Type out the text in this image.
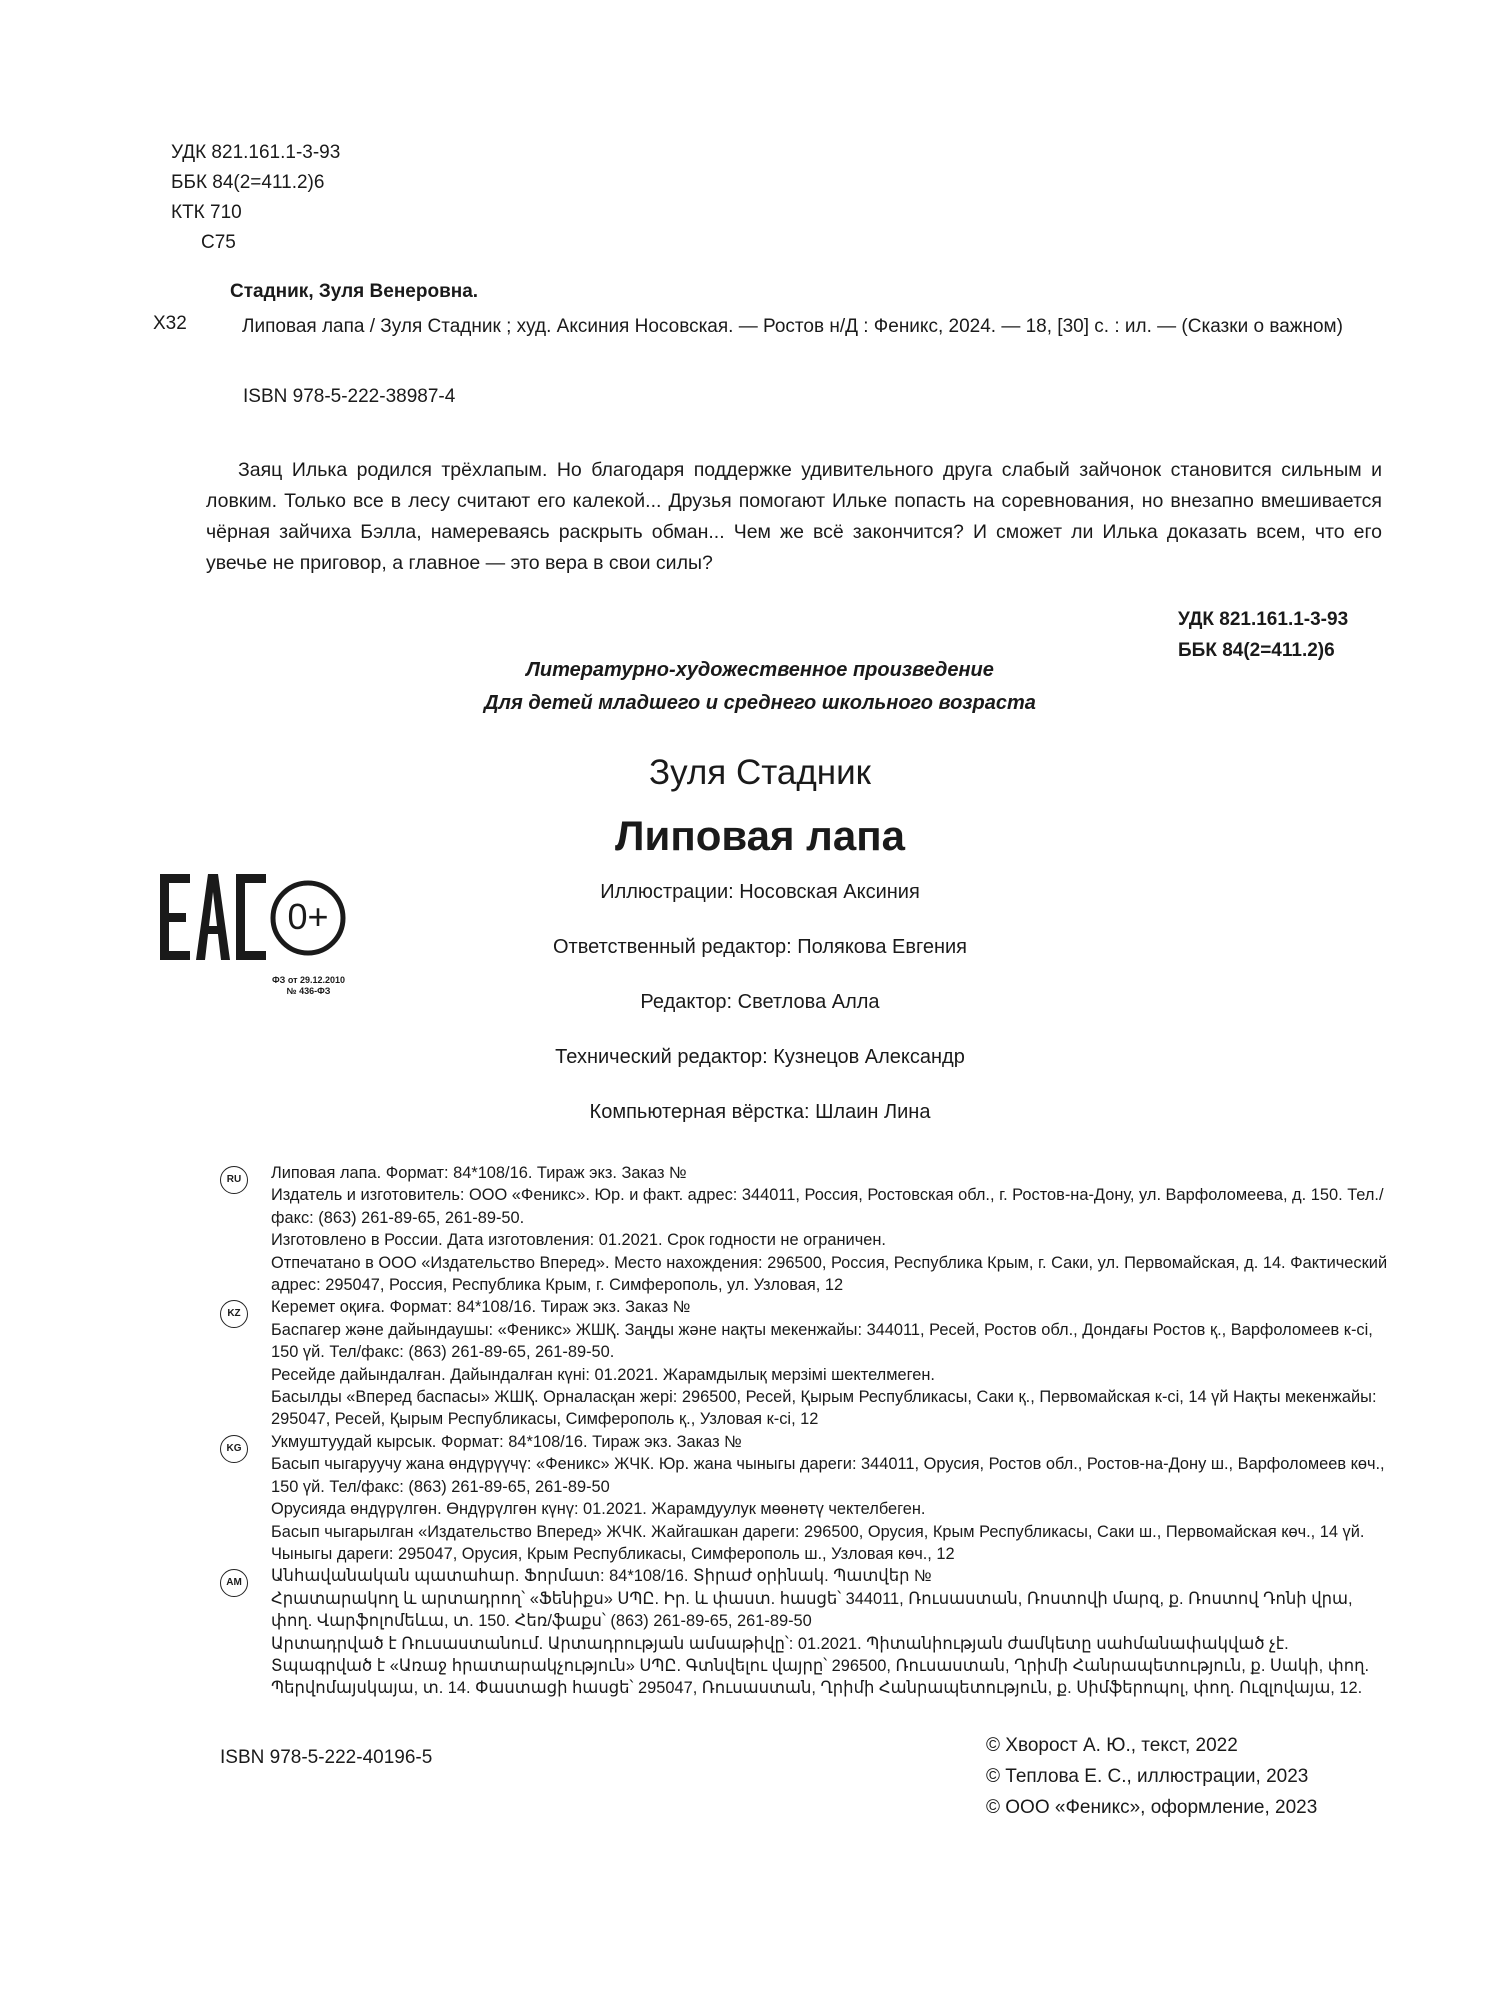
УДК 821.161.1-3-93
ББК 84(2=411.2)6
КТК 710
С75
Стадник, Зуля Венеровна.
Х32	Липовая лапа / Зуля Стадник ; худ. Аксиния Носовская. — Ростов н/Д : Феникс, 2024. — 18, [30] с. : ил. — (Сказки о важном)
ISBN 978-5-222-38987-4
Заяц Илька родился трёхлапым. Но благодаря поддержке удивительного друга слабый зайчонок становится сильным и ловким. Только все в лесу считают его калекой... Друзья помогают Ильке попасть на соревнования, но внезапно вмешивается чёрная зайчиха Бэлла, намереваясь раскрыть обман... Чем же всё закончится? И сможет ли Илька доказать всем, что его увечье не приговор, а главное — это вера в свои силы?
УДК 821.161.1-3-93
ББК 84(2=411.2)6
Литературно-художественное произведение
Для детей младшего и среднего школьного возраста
Зуля Стадник
Липовая лапа
Иллюстрации: Носовская Аксиния
Ответственный редактор: Полякова Евгения
Редактор: Светлова Алла
Технический редактор: Кузнецов Александр
Компьютерная вёрстка: Шлаин Лина
0+
ФЗ от 29.12.2010
№ 436-ФЗ
RU	Липовая лапа. Формат: 84*108/16. Тираж экз. Заказ №
Издатель и изготовитель: ООО «Феникс». Юр. и факт. адрес: 344011, Россия, Ростовская обл., г. Ростов-на-Дону, ул. Варфоломеева, д. 150. Тел./факс: (863) 261-89-65, 261-89-50.
Изготовлено в России. Дата изготовления: 01.2021. Срок годности не ограничен.
Отпечатано в ООО «Издательство Вперед». Место нахождения: 296500, Россия, Республика Крым, г. Саки, ул. Первомайская, д. 14. Фактический адрес: 295047, Россия, Республика Крым, г. Симферополь, ул. Узловая, 12
KZ	Керемет оқиға. Формат: 84*108/16. Тираж экз. Заказ №
Баспагер және дайындаушы: «Феникс» ЖШҚ. Заңды және нақты мекенжайы: 344011, Ресей, Ростов обл., Дондағы Ростов қ., Варфоломеев к-сі, 150 үй. Тел/факс: (863) 261-89-65, 261-89-50.
Ресейде дайындалған. Дайындалған күні: 01.2021. Жарамдылық мерзімі шектелмеген.
Басылды «Вперед баспасы» ЖШҚ. Орналасқан жері: 296500, Ресей, Қырым Республикасы, Саки қ., Первомайская к-сі, 14 үй Нақты мекенжайы: 295047, Ресей, Қырым Республикасы, Симферополь қ., Узловая к-сі, 12
KG	Укмуштуудай кырсык. Формат: 84*108/16. Тираж экз. Заказ №
Басып чыгаруучу жана өндүрүүчү: «Феникс» ЖЧК. Юр. жана чыныгы дареги: 344011, Орусия, Ростов обл., Ростов-на-Дону ш., Варфоломеев көч., 150 үй. Тел/факс: (863) 261-89-65, 261-89-50
Орусияда өндүрүлгөн. Өндүрүлгөн күнү: 01.2021. Жарамдуулук мөөнөтү чектелбеген.
Басып чыгарылган «Издательство Вперед» ЖЧК. Жайгашкан дареги: 296500, Орусия, Крым Республикасы, Саки ш., Первомайская көч., 14 үй. Чыныгы дареги: 295047, Орусия, Крым Республикасы, Симферополь ш., Узловая көч., 12
AM	Անհավանական պատահար. Ֆորմատ: 84*108/16. Տիրաժ օրինակ. Պատվեր №
Հրատարակող և արտադրող՝ «Ֆենիքս» ՍՊԸ. Իր. և փաստ. հասցե՝ 344011, Ռուսաստան, Ռոստովի մարզ, ք. Ռոստով Դոնի վրա, փող. Վարֆոլոմեևա, տ. 150. Հեռ/ֆաքս՝ (863) 261-89-65, 261-89-50
Արտադրված է Ռուսաստանում. Արտադրության ամսաթիվը՝: 01.2021. Պիտանիության ժամկետը սահմանափակված չէ.
Տպագրված է «Առաջ հրատարակչություն» ՍՊԸ. Գտնվելու վայրը՝ 296500, Ռուսաստան, Ղրիմի Հանրապետություն, ք. Սակի, փող. Պերվոմայսկայա, տ. 14. Փաստացի հասցե՝ 295047, Ռուսաստան, Ղրիմի Հանրապետություն, ք. Սիմֆերոպոլ, փող. Ուզլովայա, 12.
ISBN 978-5-222-40196-5
© Хворост А. Ю., текст, 2022
© Теплова Е. С., иллюстрации, 2023
© ООО «Феникс», оформление, 2023
